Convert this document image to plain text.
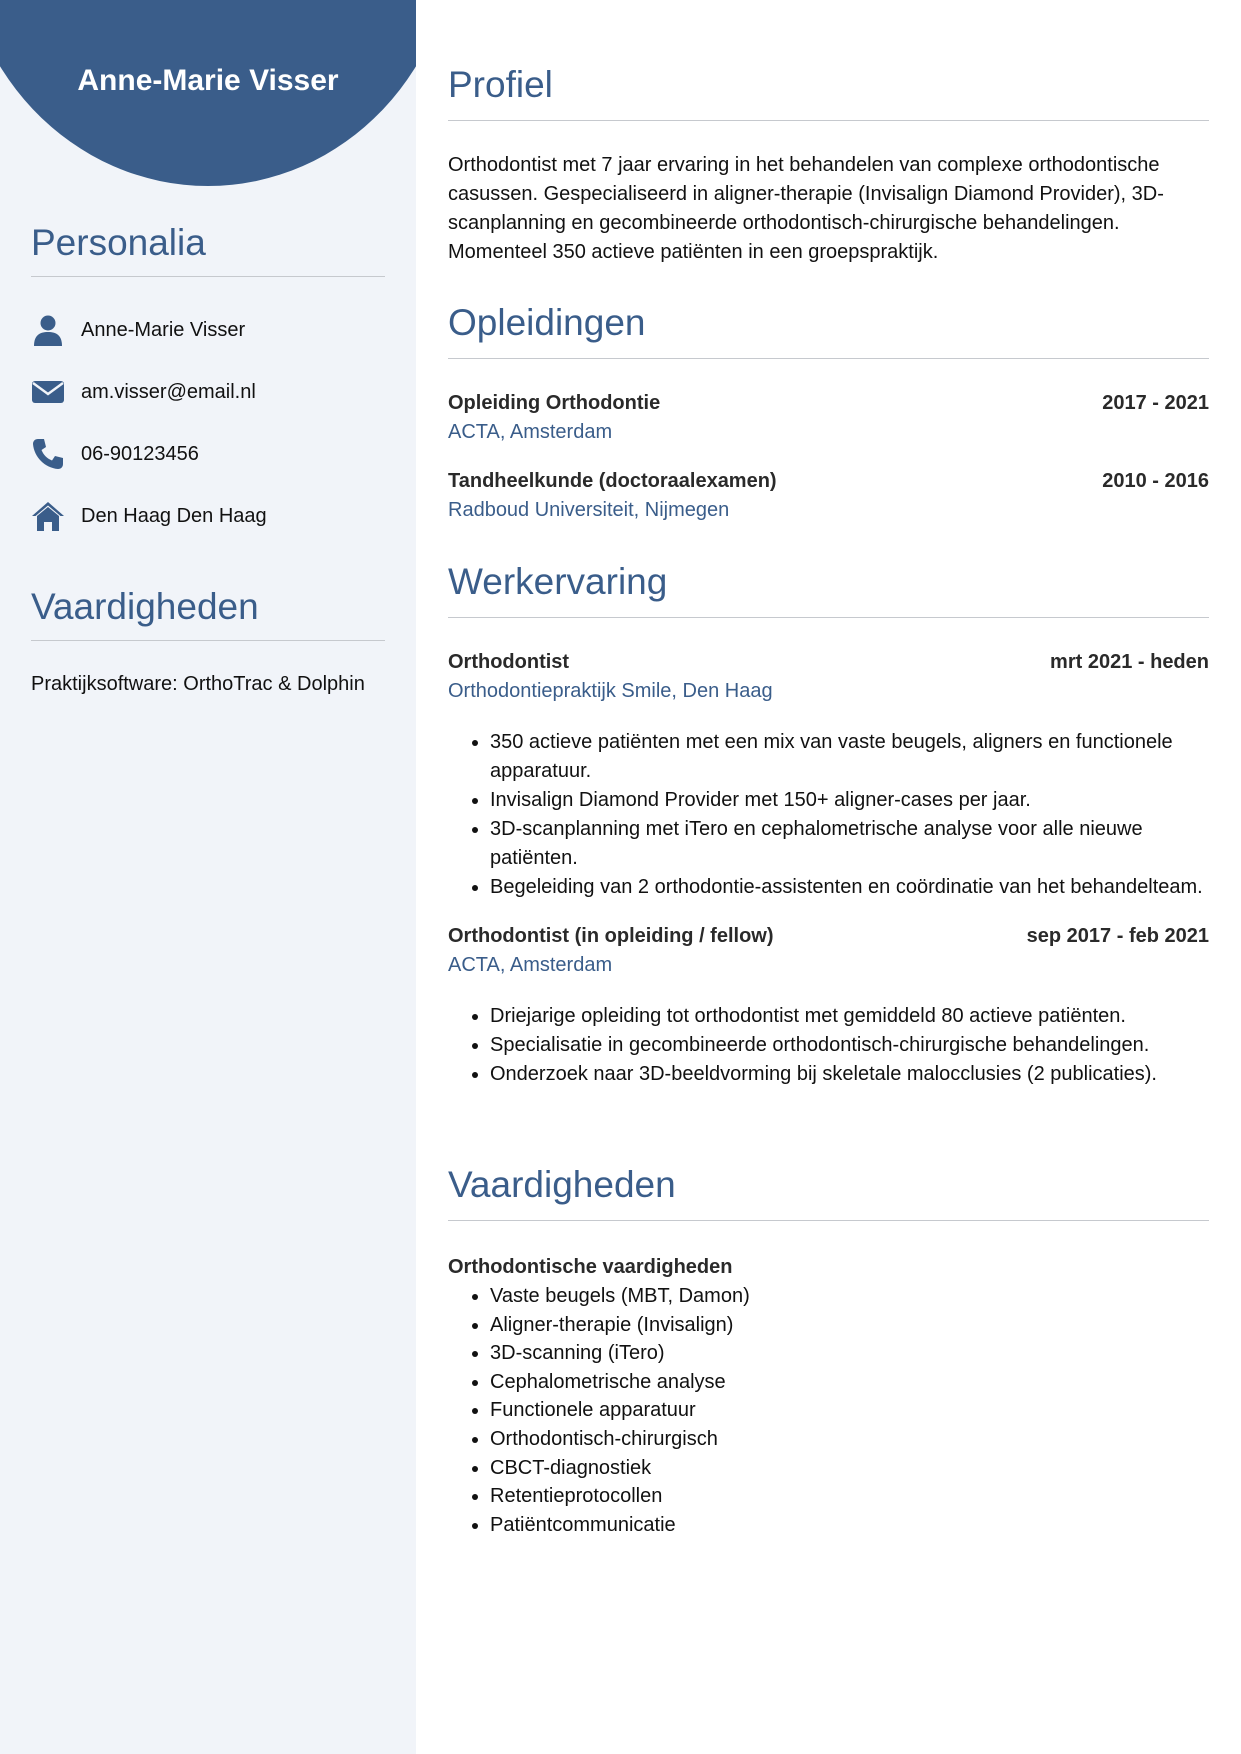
Anne-Marie Visser
Personalia
Anne-Marie Visser
am.visser@email.nl
06-90123456
Den Haag Den Haag
Vaardigheden
Praktijksoftware: OrthoTrac & Dolphin
Profiel
Orthodontist met 7 jaar ervaring in het behandelen van complexe orthodontische casussen. Gespecialiseerd in aligner-therapie (Invisalign Diamond Provider), 3D-scanplanning en gecombineerde orthodontisch-chirurgische behandelingen. Momenteel 350 actieve patiënten in een groepspraktijk.
Opleidingen
Opleiding Orthodontie	2017 - 2021
ACTA, Amsterdam
Tandheelkunde (doctoraalexamen)	2010 - 2016
Radboud Universiteit, Nijmegen
Werkervaring
Orthodontist	mrt 2021 - heden
Orthodontiepraktijk Smile, Den Haag
• 350 actieve patiënten met een mix van vaste beugels, aligners en functionele apparatuur.
• Invisalign Diamond Provider met 150+ aligner-cases per jaar.
• 3D-scanplanning met iTero en cephalometrische analyse voor alle nieuwe patiënten.
• Begeleiding van 2 orthodontie-assistenten en coördinatie van het behandelteam.
Orthodontist (in opleiding / fellow)	sep 2017 - feb 2021
ACTA, Amsterdam
• Driejarige opleiding tot orthodontist met gemiddeld 80 actieve patiënten.
• Specialisatie in gecombineerde orthodontisch-chirurgische behandelingen.
• Onderzoek naar 3D-beeldvorming bij skeletale malocclusies (2 publicaties).
Vaardigheden
Orthodontische vaardigheden
• Vaste beugels (MBT, Damon)
• Aligner-therapie (Invisalign)
• 3D-scanning (iTero)
• Cephalometrische analyse
• Functionele apparatuur
• Orthodontisch-chirurgisch
• CBCT-diagnostiek
• Retentieprotocollen
• Patiëntcommunicatie
